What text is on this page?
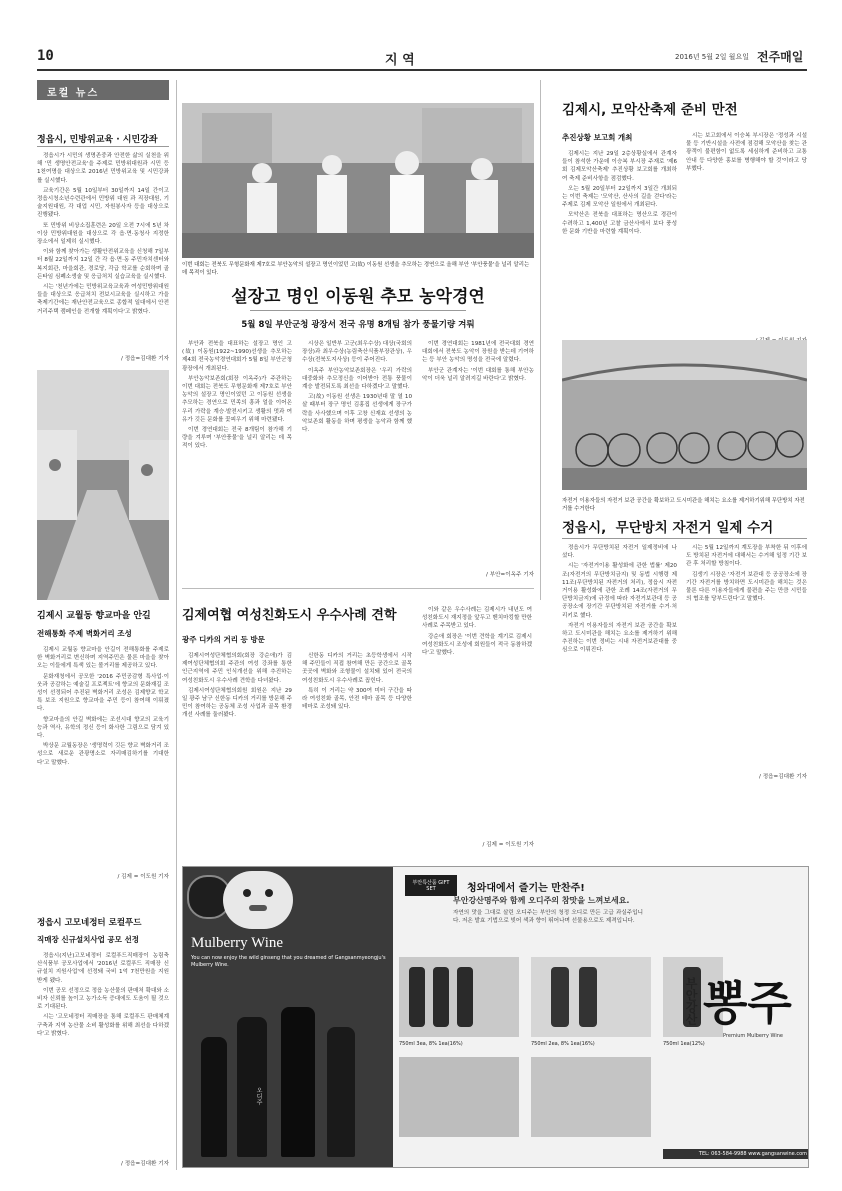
10	지 역	2016년 5월 2일 월요일 전주매일
로컬 뉴스
정읍시, 민방위교육 · 시민강좌

정읍시가 시민의 생명존중과 안전한 삶의 실천을 위해 '민 생명안전교육'을 주제로 민방위대원과 시민 등 1천여명을 대상으로 2016년 민방위교육 및 시민강좌를 실시했다.

교육기간은 5월 10일부터 30일까지 14일 간이고 정읍시청소년수련관에서 민방위 대원 과 직장대원, 기술지원대원, 각 대업 시민, 자원봉사자 등을 대상으로 진행됐다.

또 민방위 비상소집훈련은 20일 오전 7시에 5년 차 이상 민방위대원을 대상으로 각 읍·면·동청사 지정한 장소에서 일제히 실시했다.

이와 함께 찾아가는 생활안전위교육을 신청해 7일부터 8월 22일까지 12일 간 각 읍·면·동 주민자치센터와 복지회관, 마을회관, 경로당, 각급 학교를 순회하며 골든타임 심폐소생술 및 응급처치 실습교육을 실시했다.

시는 '천년가에는 민방위교육교육과 여성민방위대원들을 대상으로 응급처치 전보시교육을 실시하고 가을축제기간에는 재난안전교육으로 종합적 일대에서 안전거리주택 캠페인을 전개할 계획이다'고 밝혔다.

/ 정읍=김대환 기자
김제시 교월동 향교마을 안길
전해통화 주제 벽화거리 조성

김제시 교월동 향교마을 안길이 전해통화를 주제로 한 벽화거리로 변신하며 지역주민은 물론 마을을 찾아오는 이들에게 특색 있는 볼거리를 제공하고 있다.

문화재청에서 공모한 '2016 주민공감형 특사업·이웃과 공감하는 예술길 프로젝트'에 향교의 문화재길 조성이 선정되어 추진된 벽화거리 조성은 김제향교 학교 특 보조 지원으로 향교마을 주민 등이 참여해 이뤄졌다.

향교마을의 안길 벽화에는 조선시대 향교의 교육기능과 역사, 유학의 정신 등이 화사한 그림으로 담겨 있다.

박상문 교월동장은 '생명력이 깃든 향교 벽화거리 조성으로 새로운 관광명소로 자리매김하기를 기대한다'고 말했다.

/ 김제 = 이도원 기자
정읍시 고모네정터 로컬푸드
직매장 신규설치사업 공모 선정

정읍시(지난)고모네정터 로컬푸드직매장이 농림축산식품부 공모사업에서 '2016년 로컬푸드 직매장 신규설치 지원사업'에 선정돼 국비 1억 7천만원을 지원받게 됐다.

이번 공모 선정으로 정읍 농산물의 판매처 확대와 소비자 신뢰를 높이고 농가소득 증대에도 도움이 될 것으로 기대된다.

시는 '고모네정터 직매장을 통해 로컬푸드 판매체계 구축과 지역 농산물 소비 활성화를 위해 최선을 다하겠다'고 밝혔다.

/ 정읍=김대환 기자
이번 대회는 전북도 무형문화재 제7호로 부안농악의 설장고 명인이었던 고(故) 이동원 선생을 추모하는 경연으로 올해 부안 '부안풍물'을 널리 알리는데 목적이 있다.
설장고 명인 이동원 추모 농악경연
5월 8일 부안군청 광장서 전국 유명 8개팀 참가 풍물기량 겨뤄

부안과 전북을 대표하는 설장고 명인 고(故) 이동원(1922~1990)선생을 추모하는 제4회 전국농악경연대회가 5월 8일 부안군청 광장에서 개최된다.

부안농악보존회(회장 이옥주)가 주관하는 이번 대회는 전북도 무형문화재 제7호로 부안농악의 설장고 명인이었던 고 이동원 선생을 추모하는 경연으로 민족의 흥과 얼을 이어온 우리 가락을 계승·발전시키고 생활의 멋과 여유가 깃든 문화를 꽃피우기 위해 마련됐다.

이번 경연대회는 전국 8개팀이 참가해 기량을 겨루며 '부안풍물'을 널리 알리는 데 목적이 있다.

시상은 일반부 고군(최우수상) 대상(국회의장상)과 최우수상(농림축산식품부장관상), 우수상(전북도지사상) 등이 주어진다.

이옥주 부안농악보존회장은 '우리 가락의 대중화와 추모정신을 이어받아 전통 풍물이 계승 발전되도록 최선을 다하겠다'고 말했다.

고(故) 이동원 선생은 1930년대 말 열 10살 때부터 장구 명인 김홍집 선생에게 장구가락을 사사했으며 이후 고창 신재효 선생의 농악보존회 활동을 하며 평생을 농악과 함께 했다.

이번 경연대회는 1981년에 전국대회 경연대회에서 전북도 농악이 장원을 받는데 기여하는 등 부안 농악의 명성을 전국에 알렸다.

부안군 관계자는 '이번 대회를 통해 부안농악이 더욱 널리 알려지길 바란다'고 밝혔다.

/ 부안=이옥주 기자
김제여협 여성친화도시 우수사례 견학
광주 디카의 거리 등 방문

김제시여성단체협의회(회장 강순애)가 김제여성단체협의회 주관의 여성 강좌를 통한 인근지역에 주민 인식개선을 위해 추진하는 여성친화도시 우수사례 견학을 다녀왔다.

김제시여성단체협의회원 회원은 지난 29일 광주 남구 신한동 디카의 거리를 방문해 주민이 참여하는 공동체 조성 사업과 골목 환경 개선 사례를 둘러봤다.

신한동 디카의 거리는 초등학생에서 시작해 주민들이 직접 참여해 만든 공간으로 골목 곳곳에 벽화와 조형물이 설치돼 있어 전국의 여성친화도시 우수사례로 꼽힌다.

특히 이 거리는 약 300여 미터 구간을 따라 여성친화 골목, 안전 테마 골목 등 다양한 테마로 조성돼 있다.

이와 같은 우수사례는 김제시가 내년도 여성친화도시 재지정을 앞두고 벤치마킹할 만한 사례로 주목받고 있다.

강순애 회장은 '이번 견학을 계기로 김제시 여성친화도시 조성에 회원들이 적극 동참하겠다'고 말했다.

/ 김제 = 이도원 기자
김제시, 모악산축제 준비 만전
추진상황 보고회 개최

김제시는 지난 29일 2층상황실에서 관계자들이 참석한 가운데 이승복 부시장 주재로 '제6회 김제모악산축제' 추진상황 보고회를 개최하여 축제 준비사항을 점검했다.

오는 5월 20일부터 22일까지 3일간 개최되는 이번 축제는 '모악산, 산사의 길을 걷다'라는 주제로 김제 모악산 일원에서 개최된다.

모악산은 전북을 대표하는 명산으로 경관이 수려하고 1,400년 고찰 금산사에서 보다 풍성한 문화 기반을 마련할 계획이다.

시는 보고회에서 이승복 부시장은 '정성과 시설물 등 기반시설을 사전에 점검해 모악산을 찾는 관광객이 불편함이 없도록 세심하게 준비하고 교통 안내 등 다양한 홍보를 병행해야 할 것'이라고 당부했다.

자전거 이용자들의 자전거 보관 공간을 확보하고 도시미관을 해치는 요소를 제거하기위해 무단방치 자전거를 수거한다
정읍시,  무단방치 자전거 일제 수거

정읍시가 무단방치된 자전거 일제정비에 나섰다.

시는 '자전거이용 활성화에 관한 법률' 제20조(자전거의 무단방치금지) 및 동법 시행령 제11조(무단방치된 자전거의 처리), 정읍시 자전거이용 활성화에 관한 조례 14조(자전거의 무단방치금지)에 규정에 따라 자전거보관대 등 공공장소에 장기간 무단방치된 자전거를 수거·처리키로 했다.

자전거 이용자들의 자전거 보관 공간을 확보하고 도시미관을 해치는 요소를 제거하기 위해 추진하는 이번 정비는 시내 자전거보관대를 중심으로 이뤄진다.

시는 5월 12일까지 계도장을 부착한 뒤 이후에도 방치된 자전거에 대해서는 수거해 일정 기간 보관 후 처리할 방침이다.

김생기 시장은 '자전거 보관대 등 공공장소에 장기간 자전거를 방치하면 도시미관을 해치는 것은 물론 다른 이용자들에게 불편을 주는 만큼 시민들의 협조를 당부드린다'고 말했다.

/ 정읍=김대환 기자
Mulberry Wine
You can now enjoy the wild ginseng that you dreamed of Gangsanmyeongju's Mulberry Wine.
오디주
부안특산품 GIFT SET	청와대에서 즐기는 만찬주!
부안강산명주와 함께 오디주의 참맛을 느껴보세요.
자연의 맛을 그대로 살린 오디주는 부안의 청정 오디로 만든 고급 과실주입니다. 저온 발효 기법으로 빚어 색과 향이 뛰어나며 선물용으로도 제격입니다.
750ml 3ea, 8% 1ea(16%)	750ml 2ea, 8% 1ea(16%)	750ml 1ea(12%)
부안강산 뽕주
Premium Mulberry Wine
TEL: 063-584-9988 www.gangsanwine.com
